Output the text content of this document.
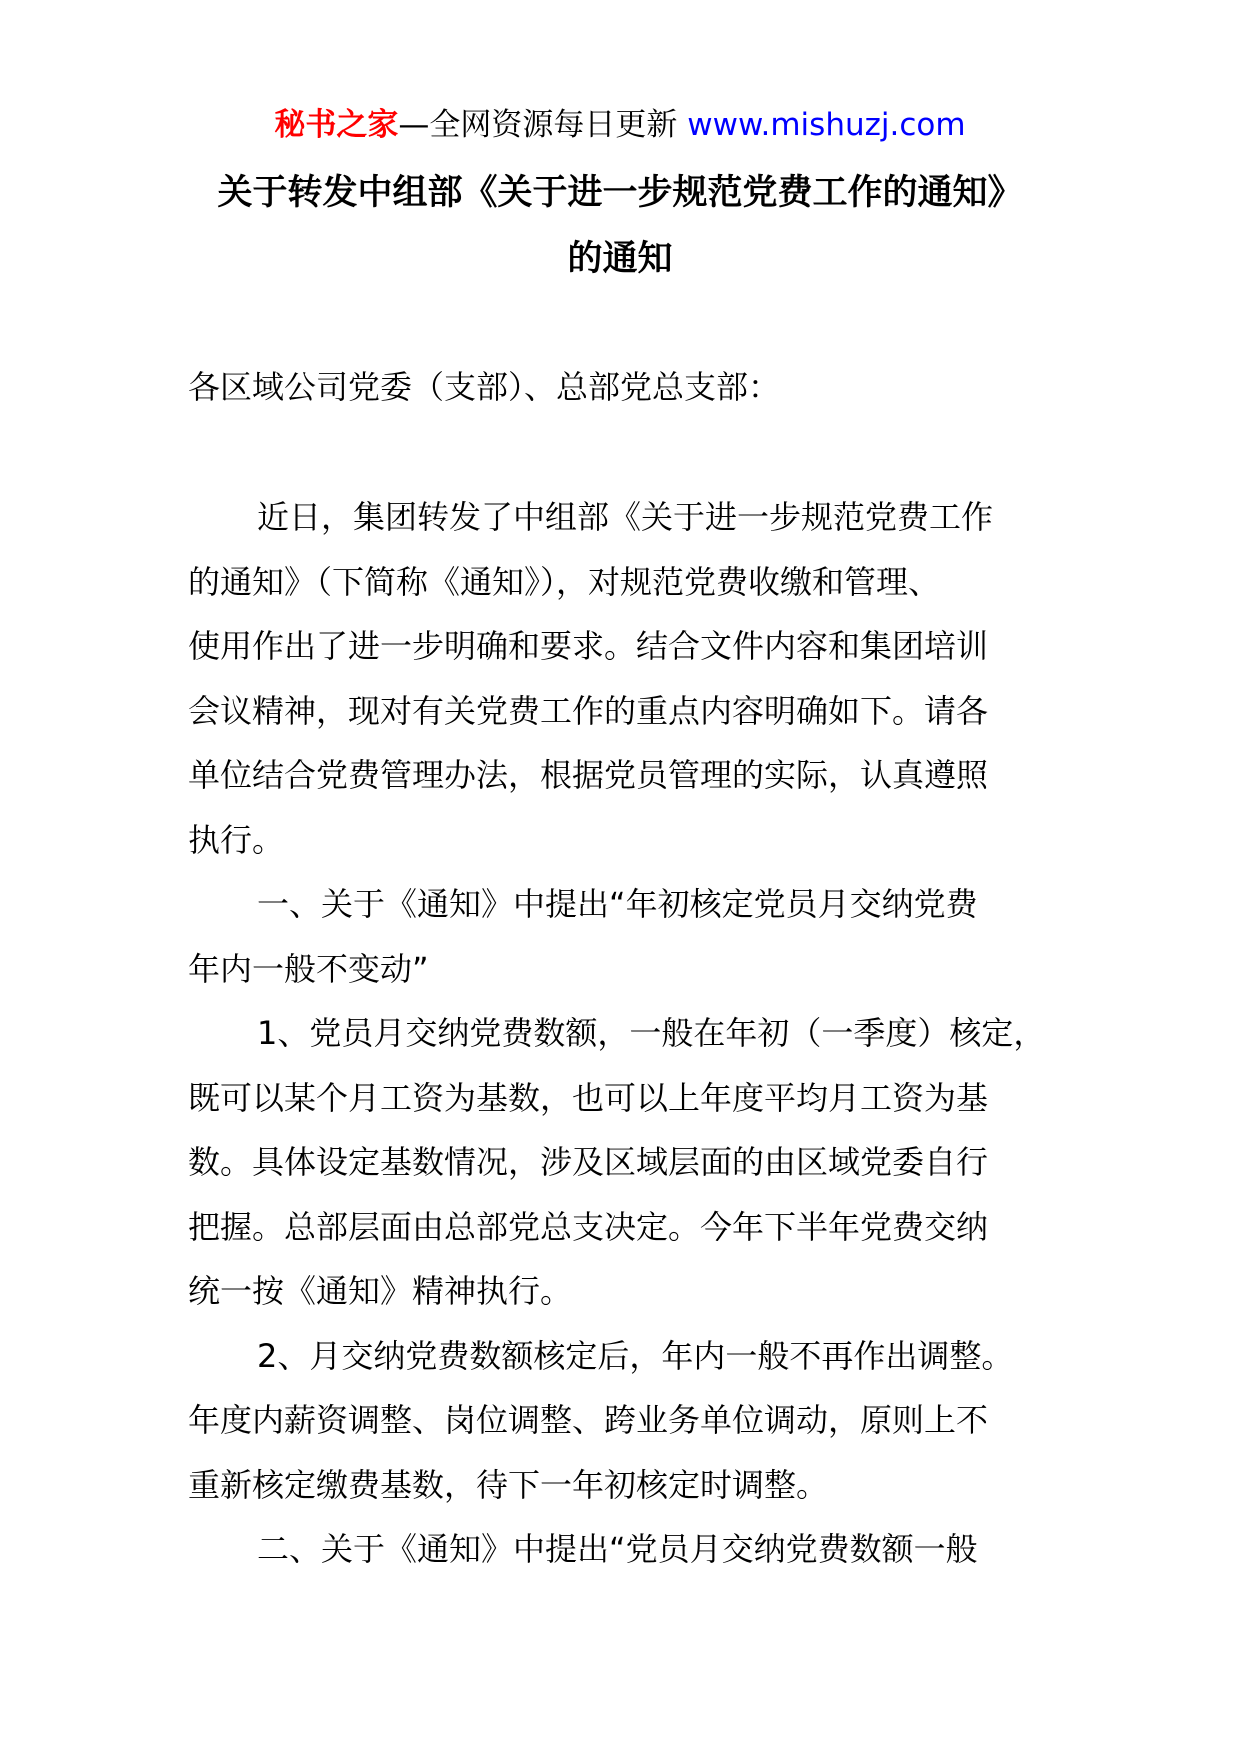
秘书之家—全网资源每日更新 www.mishuzj.com
关于转发中组部《关于进一步规范党费工作的通知》
的通知
各区域公司党委（支部）、总部党总支部：
近日，集团转发了中组部《关于进一步规范党费工作
的通知》（下简称《通知》），对规范党费收缴和管理、
使用作出了进一步明确和要求。结合文件内容和集团培训
会议精神，现对有关党费工作的重点内容明确如下。请各
单位结合党费管理办法，根据党员管理的实际，认真遵照
执行。
一、关于《通知》中提出“年初核定党员月交纳党费
年内一般不变动”
1、党员月交纳党费数额，一般在年初（一季度）核定，
既可以某个月工资为基数，也可以上年度平均月工资为基
数。具体设定基数情况，涉及区域层面的由区域党委自行
把握。总部层面由总部党总支决定。今年下半年党费交纳
统一按《通知》精神执行。
2、月交纳党费数额核定后，年内一般不再作出调整。
年度内薪资调整、岗位调整、跨业务单位调动，原则上不
重新核定缴费基数，待下一年初核定时调整。
二、关于《通知》中提出“党员月交纳党费数额一般
